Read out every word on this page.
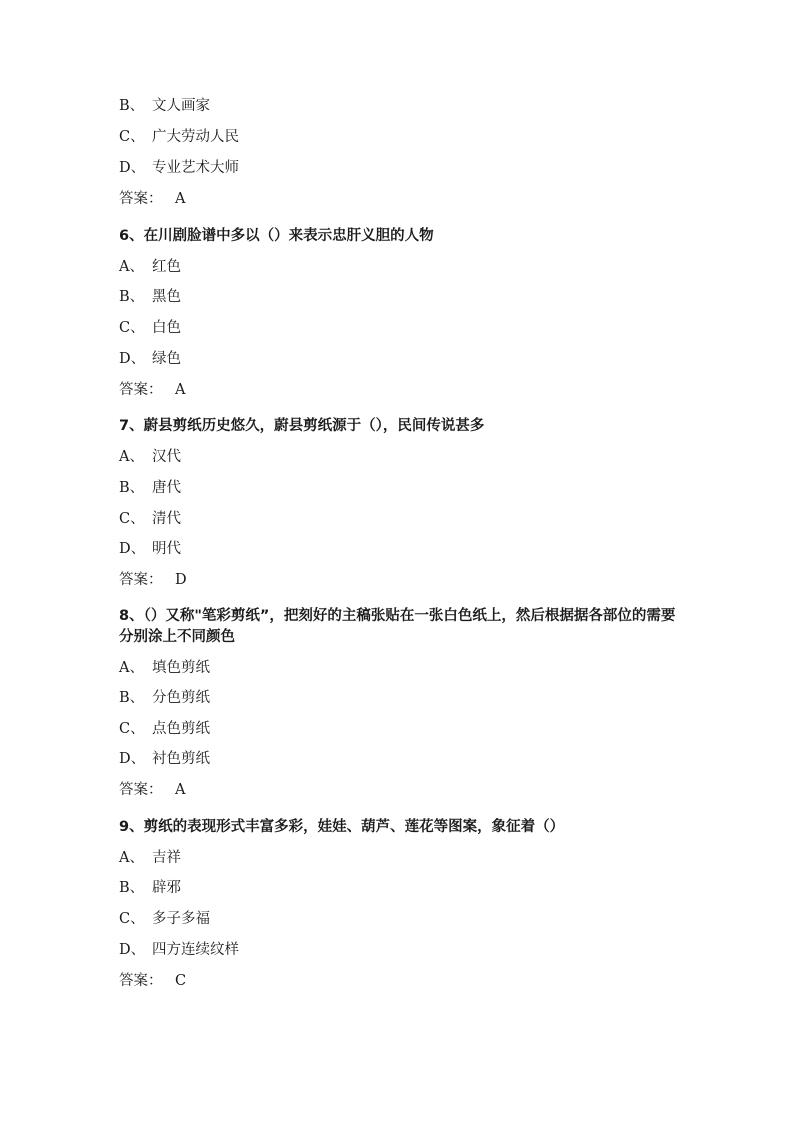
B、 文人画家
C、 广大劳动人民
D、 专业艺术大师
答案： A
6、在川剧脸谱中多以（）来表示忠肝义胆的人物
A、 红色
B、 黑色
C、 白色
D、 绿色
答案： A
7、蔚县剪纸历史悠久，蔚县剪纸源于（），民间传说甚多
A、 汉代
B、 唐代
C、 清代
D、 明代
答案： D
8、（）又称"笔彩剪纸”，把刻好的主稿张贴在一张白色纸上，然后根据据各部位的需要分别涂上不同颜色
A、 填色剪纸
B、 分色剪纸
C、 点色剪纸
D、 衬色剪纸
答案： A
9、剪纸的表现形式丰富多彩，娃娃、葫芦、莲花等图案，象征着（）
A、 吉祥
B、 辟邪
C、 多子多福
D、 四方连续纹样
答案： C
